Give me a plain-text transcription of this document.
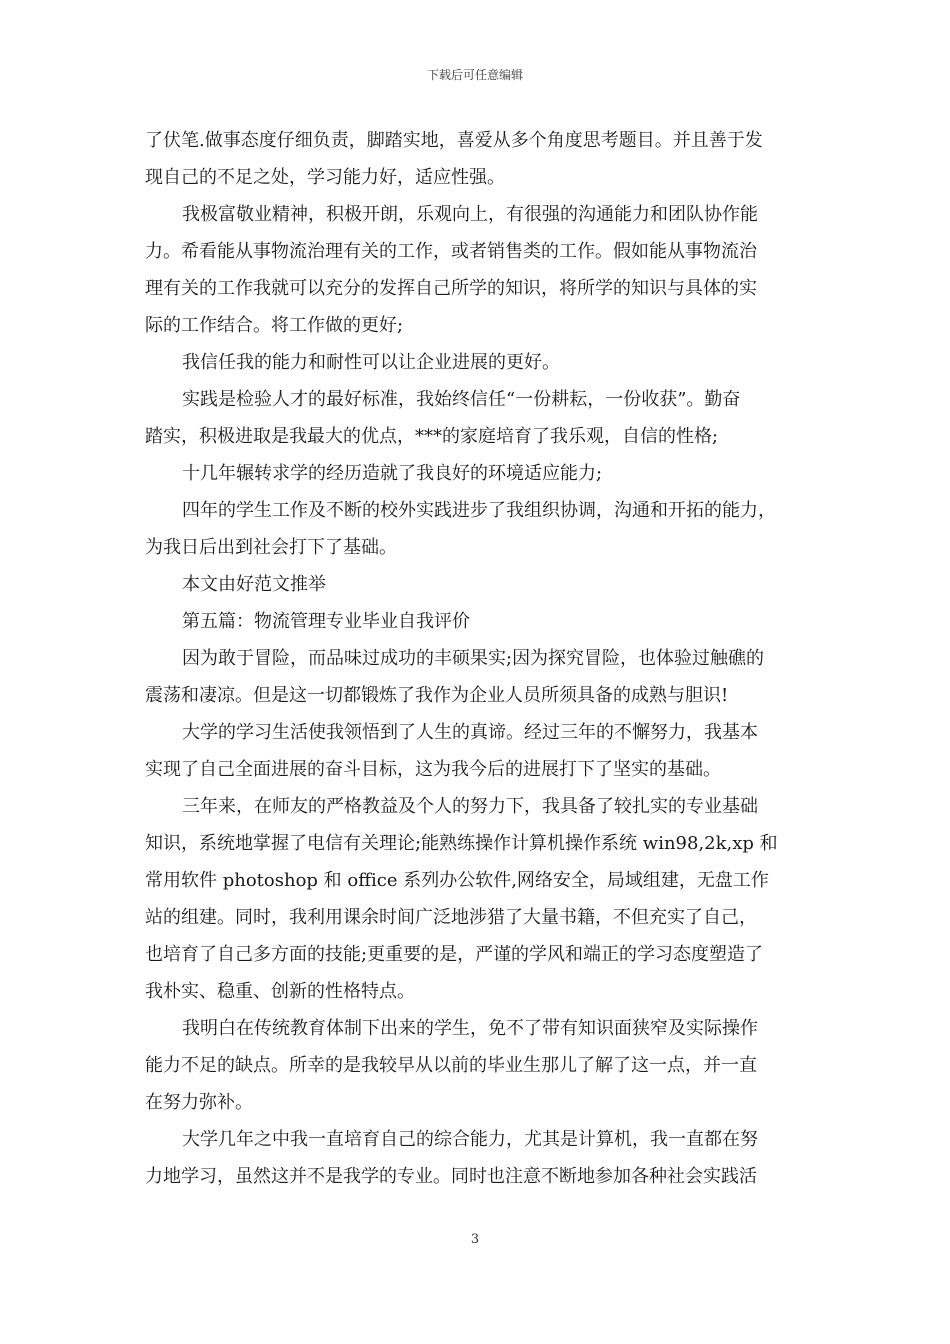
下载后可任意编辑
了伏笔.做事态度仔细负责，脚踏实地，喜爱从多个角度思考题目。并且善于发
现自己的不足之处，学习能力好，适应性强。
我极富敬业精神，积极开朗，乐观向上，有很强的沟通能力和团队协作能
力。希看能从事物流治理有关的工作，或者销售类的工作。假如能从事物流治
理有关的工作我就可以充分的发挥自己所学的知识，将所学的知识与具体的实
际的工作结合。将工作做的更好;
我信任我的能力和耐性可以让企业进展的更好。
实践是检验人才的最好标准，我始终信任“一份耕耘，一份收获”。勤奋
踏实，积极进取是我最大的优点，***的家庭培育了我乐观，自信的性格;
十几年辗转求学的经历造就了我良好的环境适应能力;
四年的学生工作及不断的校外实践进步了我组织协调，沟通和开拓的能力，
为我日后出到社会打下了基础。
本文由好范文推举
第五篇：物流管理专业毕业自我评价
因为敢于冒险，而品味过成功的丰硕果实;因为探究冒险，也体验过触礁的
震荡和凄凉。但是这一切都锻炼了我作为企业人员所须具备的成熟与胆识!
大学的学习生活使我领悟到了人生的真谛。经过三年的不懈努力，我基本
实现了自己全面进展的奋斗目标，这为我今后的进展打下了坚实的基础。
三年来，在师友的严格教益及个人的努力下，我具备了较扎实的专业基础
知识，系统地掌握了电信有关理论;能熟练操作计算机操作系统 win98,2k,xp 和
常用软件 photoshop 和 office 系列办公软件,网络安全，局域组建，无盘工作
站的组建。同时，我利用课余时间广泛地涉猎了大量书籍，不但充实了自己，
也培育了自己多方面的技能;更重要的是，严谨的学风和端正的学习态度塑造了
我朴实、稳重、创新的性格特点。
我明白在传统教育体制下出来的学生，免不了带有知识面狭窄及实际操作
能力不足的缺点。所幸的是我较早从以前的毕业生那儿了解了这一点，并一直
在努力弥补。
大学几年之中我一直培育自己的综合能力，尤其是计算机，我一直都在努
力地学习，虽然这并不是我学的专业。同时也注意不断地参加各种社会实践活
3
